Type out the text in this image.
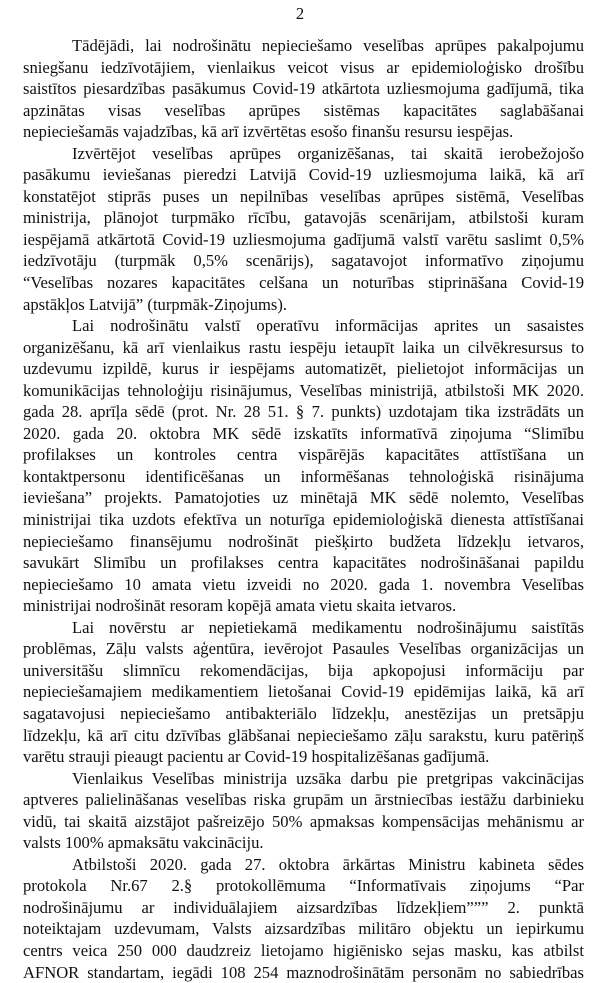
2
Tādējādi, lai nodrošinātu nepieciešamo veselības aprūpes pakalpojumu
sniegšanu iedzīvotājiem, vienlaikus veicot visus ar epidemioloģisko drošību
saistītos piesardzības pasākumus Covid-19 atkārtota uzliesmojuma gadījumā, tika
apzinātas visas veselības aprūpes sistēmas kapacitātes saglabāšanai
nepieciešamās vajadzības, kā arī izvērtētas esošo finanšu resursu iespējas.
Izvērtējot veselības aprūpes organizēšanas, tai skaitā ierobežojošo
pasākumu ieviešanas pieredzi Latvijā Covid-19 uzliesmojuma laikā, kā arī
konstatējot stiprās puses un nepilnības veselības aprūpes sistēmā, Veselības
ministrija, plānojot turpmāko rīcību, gatavojās scenārijam, atbilstoši kuram
iespējamā atkārtotā Covid-19 uzliesmojuma gadījumā valstī varētu saslimt 0,5%
iedzīvotāju (turpmāk 0,5% scenārijs), sagatavojot informatīvo ziņojumu
“Veselības nozares kapacitātes celšana un noturības stiprināšana Covid-19
apstākļos Latvijā” (turpmāk-Ziņojums).
Lai nodrošinātu valstī operatīvu informācijas aprites un sasaistes
organizēšanu, kā arī vienlaikus rastu iespēju ietaupīt laika un cilvēkresursus to
uzdevumu izpildē, kurus ir iespējams automatizēt, pielietojot informācijas un
komunikācijas tehnoloģiju risinājumus, Veselības ministrijā, atbilstoši MK 2020.
gada 28. aprīļa sēdē (prot. Nr. 28 51. § 7. punkts) uzdotajam tika izstrādāts un
2020. gada 20. oktobra MK sēdē izskatīts informatīvā ziņojuma “Slimību
profilakses un kontroles centra vispārējās kapacitātes attīstīšana un
kontaktpersonu identificēšanas un informēšanas tehnoloģiskā risinājuma
ieviešana” projekts. Pamatojoties uz minētajā MK sēdē nolemto, Veselības
ministrijai tika uzdots efektīva un noturīga epidemioloģiskā dienesta attīstīšanai
nepieciešamo finansējumu nodrošināt piešķirto budžeta līdzekļu ietvaros,
savukārt Slimību un profilakses centra kapacitātes nodrošināšanai papildu
nepieciešamo 10 amata vietu izveidi no 2020. gada 1. novembra Veselības
ministrijai nodrošināt resoram kopējā amata vietu skaita ietvaros.
Lai novērstu ar nepietiekamā medikamentu nodrošinājumu saistītās
problēmas, Zāļu valsts aģentūra, ievērojot Pasaules Veselības organizācijas un
universitāšu slimnīcu rekomendācijas, bija apkopojusi informāciju par
nepieciešamajiem medikamentiem lietošanai Covid-19 epidēmijas laikā, kā arī
sagatavojusi nepieciešamo antibakteriālo līdzekļu, anestēzijas un pretsāpju
līdzekļu, kā arī citu dzīvības glābšanai nepieciešamo zāļu sarakstu, kuru patēriņš
varētu strauji pieaugt pacientu ar Covid-19 hospitalizēšanas gadījumā.
Vienlaikus Veselības ministrija uzsāka darbu pie pretgripas vakcinācijas
aptveres palielināšanas veselības riska grupām un ārstniecības iestāžu darbinieku
vidū, tai skaitā aizstājot pašreizējo 50% apmaksas kompensācijas mehānismu ar
valsts 100% apmaksātu vakcināciju.
Atbilstoši 2020. gada 27. oktobra ārkārtas Ministru kabineta sēdes
protokola Nr.67 2.§ protokollēmuma “Informatīvais ziņojums “Par
nodrošinājumu ar individuālajiem aizsardzības līdzekļiem””” 2. punktā
noteiktajam uzdevumam, Valsts aizsardzības militāro objektu un iepirkumu
centrs veica 250 000 daudzreiz lietojamo higiēnisko sejas masku, kas atbilst
AFNOR standartam, iegādi 108 254 maznodrošinātām personām no sabiedrības
